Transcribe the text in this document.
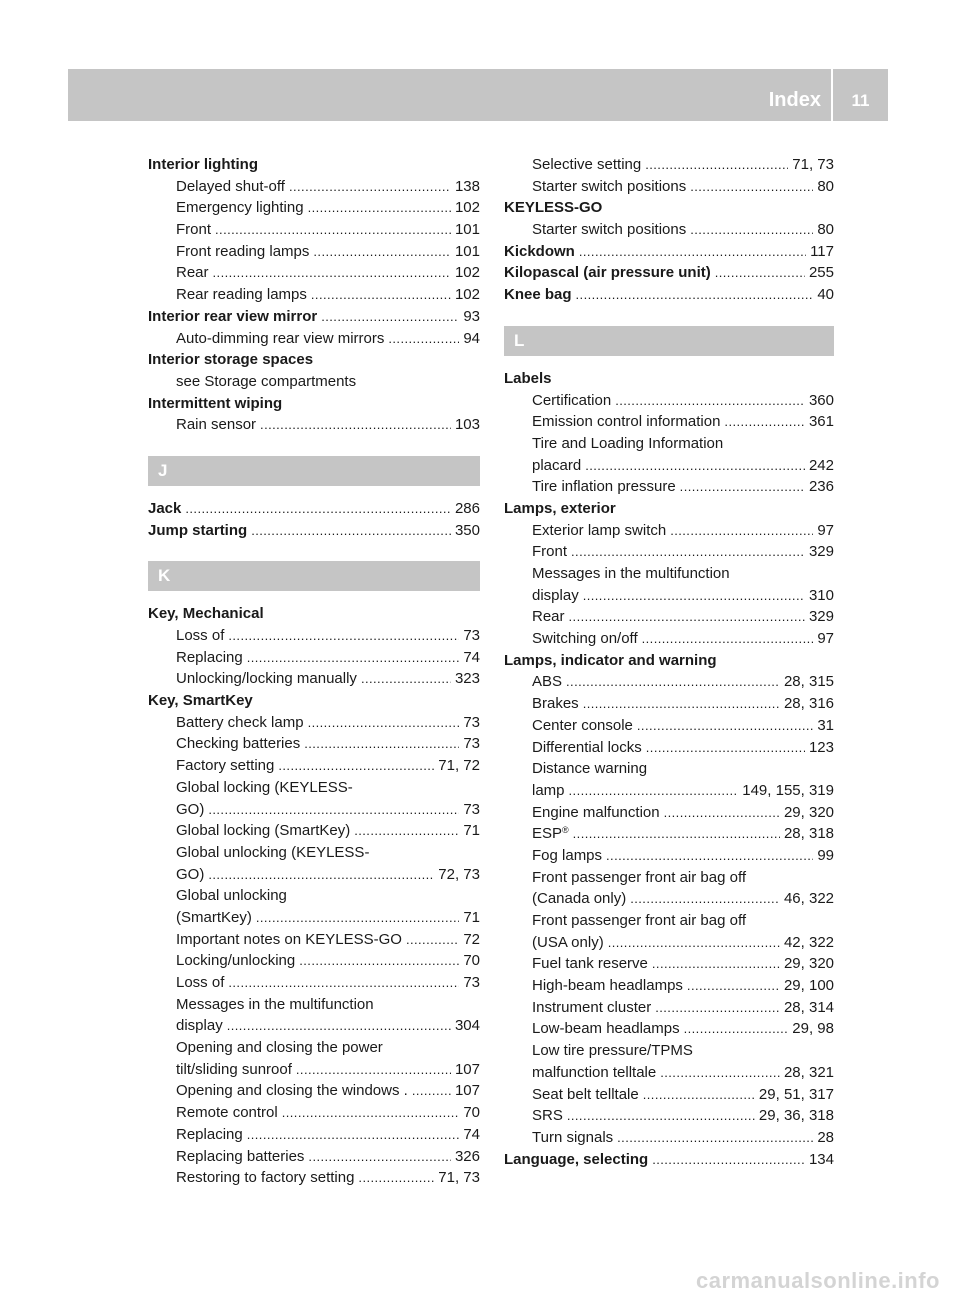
Index	11
Interior lighting
Delayed shut-off . . .	138
Emergency lighting . . .	102
Front . . .	101
Front reading lamps . . .	101
Rear . . .	102
Rear reading lamps . . .	102
Interior rear view mirror . . .	93
Auto-dimming rear view mirrors . . .	94
Interior storage spaces
see Storage compartments
Intermittent wiping
Rain sensor . . .	103
J
Jack . . .	286
Jump starting . . .	350
K
Key, Mechanical
Loss of . . .	73
Replacing . . .	74
Unlocking/locking manually . . .	323
Key, SmartKey
Battery check lamp . . .	73
Checking batteries . . .	73
Factory setting . . .	71, 72
Global locking (KEYLESS-
GO) . . .	73
Global locking (SmartKey) . . .	71
Global unlocking (KEYLESS-
GO) . . .	72, 73
Global unlocking
(SmartKey) . . .	71
Important notes on KEYLESS-GO . . .	72
Locking/unlocking . . .	70
Loss of . . .	73
Messages in the multifunction
display . . .	304
Opening and closing the power
tilt/sliding sunroof . . .	107
Opening and closing the windows . . . .	107
Remote control . . .	70
Replacing . . .	74
Replacing batteries . . .	326
Restoring to factory setting . . .	71, 73
Selective setting . . .	71, 73
Starter switch positions . . .	80
KEYLESS-GO
Starter switch positions . . .	80
Kickdown . . .	117
Kilopascal (air pressure unit) . . .	255
Knee bag . . .	40
L
Labels
Certification . . .	360
Emission control information . . .	361
Tire and Loading Information
placard . . .	242
Tire inflation pressure . . .	236
Lamps, exterior
Exterior lamp switch . . .	97
Front . . .	329
Messages in the multifunction
display . . .	310
Rear . . .	329
Switching on/off . . .	97
Lamps, indicator and warning
ABS . . .	28, 315
Brakes . . .	28, 316
Center console . . .	31
Differential locks . . .	123
Distance warning
lamp . . .	149, 155, 319
Engine malfunction . . .	29, 320
ESP® . . .	28, 318
Fog lamps . . .	99
Front passenger front air bag off
(Canada only) . . .	46, 322
Front passenger front air bag off
(USA only) . . .	42, 322
Fuel tank reserve . . .	29, 320
High-beam headlamps . . .	29, 100
Instrument cluster . . .	28, 314
Low-beam headlamps . . .	29, 98
Low tire pressure/TPMS
malfunction telltale . . .	28, 321
Seat belt telltale . . .	29, 51, 317
SRS . . .	29, 36, 318
Turn signals . . .	28
Language, selecting . . .	134
carmanualsonline.info
